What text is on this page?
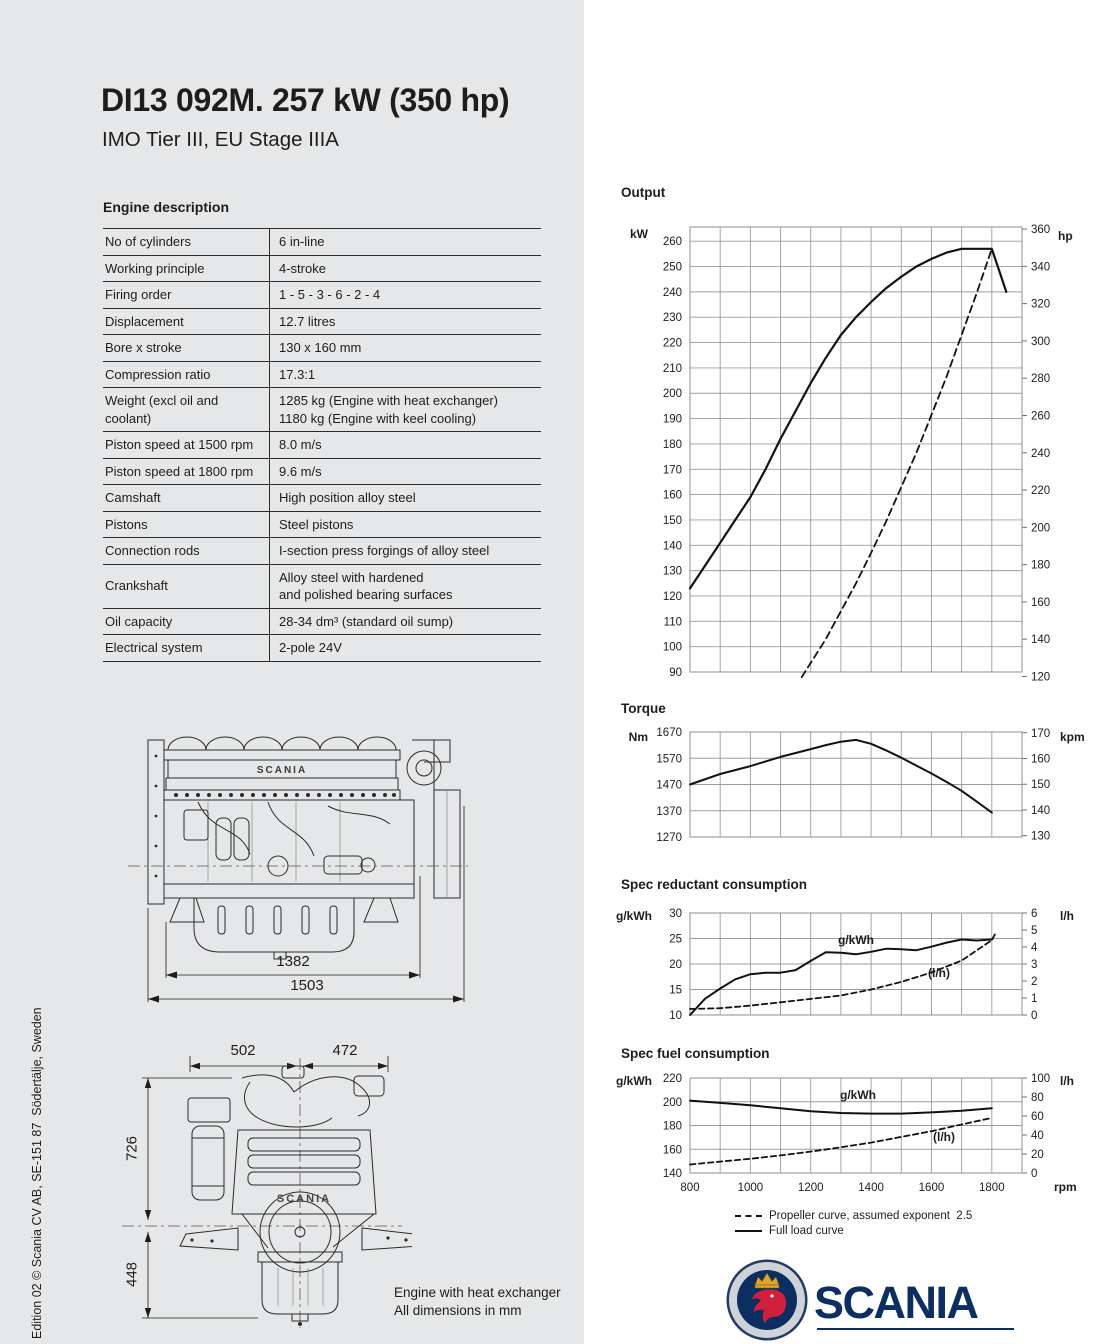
DI13 092M. 257 kW (350 hp)
IMO Tier III, EU Stage IIIA
Engine description
No of cylinders	6 in-line

Working principle	4-stroke

Firing order	1 - 5 - 3 - 6 - 2 - 4

Displacement	12.7 litres

Bore x stroke	130 x 160 mm

Compression ratio	17.3:1

Weight (excl oil and coolant)	1285 kg (Engine with heat exchanger)
1180 kg (Engine with keel cooling)

Piston speed at 1500 rpm	8.0 m/s

Piston speed at 1800 rpm	9.6 m/s

Camshaft	High position alloy steel

Pistons	Steel pistons

Connection rods	I-section press forgings of alloy steel

Crankshaft	Alloy steel with hardened
and polished bearing surfaces

Oil capacity	28-34 dm³ (standard oil sump)

Electrical system	2-pole 24V
SCANIA
1382
1503
SCANIA
502	472
726
448
Engine with heat exchanger
All dimensions in mm
260
250
240
230
220
210
200
190
180
170
160
150
140
130
120
110
100
90
360
340
320
300
280
260
240
220
200
180
160
140
120
Output
kW	hp
1670
1570
1470
1370
1270
170
160
150
140
130
Torque
Nm	kpm
30
25
20
15
10
6
5
4
3
2
1
0
g/kWh
(l/h)
Spec reductant consumption
g/kWh	l/h
220
200
180
160
140
100
80
60
40
20
0
g/kWh
(l/h)
Spec fuel consumption
g/kWh	l/h
800	1000	1200	1400	1600	1800	rpm
Propeller curve, assumed exponent  2.5
Full load curve
SCANIA
Edition 02 © Scania CV AB, SE-151 87  Södertälje, Sweden
